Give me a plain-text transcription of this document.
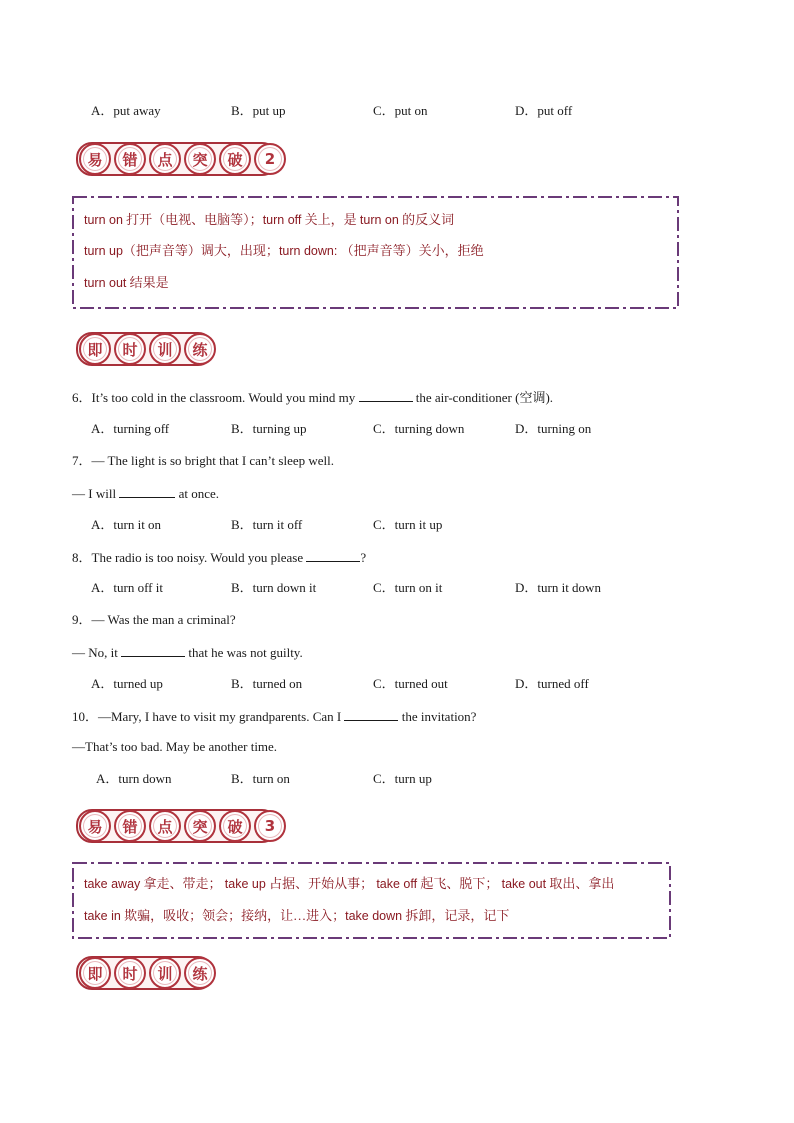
A．put away	B．put up	C．put on	D．put off
易	错	点	突	破	2
turn on 打开（电视、电脑等）；turn off 关上，是 turn on 的反义词
turn up（把声音等）调大，出现；turn down: （把声音等）关小，拒绝
turn out 结果是
即	时	训	练
6．It’s too cold in the classroom. Would you mind my	the air-conditioner (空调).
A．turning off	B．turning up	C．turning down	D．turning on
7．— The light is so bright that I can’t sleep well.
— I will	at once.
A．turn it on	B．turn it off	C．turn it up
8．The radio is too noisy. Would you please	?
A．turn off it	B．turn down it	C．turn on it	D．turn it down
9．— Was the man a criminal?
— No, it	that he was not guilty.
A．turned up	B．turned on	C．turned out	D．turned off
10．—Mary, I have to visit my grandparents. Can I	the invitation?
—That’s too bad. May be another time.
A．turn down	B．turn on	C．turn up
易	错	点	突	破	3
take away 拿走、带走； take up 占据、开始从事； take off 起飞、脱下； take out 取出、拿出
take in 欺骗，吸收；领会；接纳，让…进入；take down 拆卸，记录，记下
即	时	训	练
